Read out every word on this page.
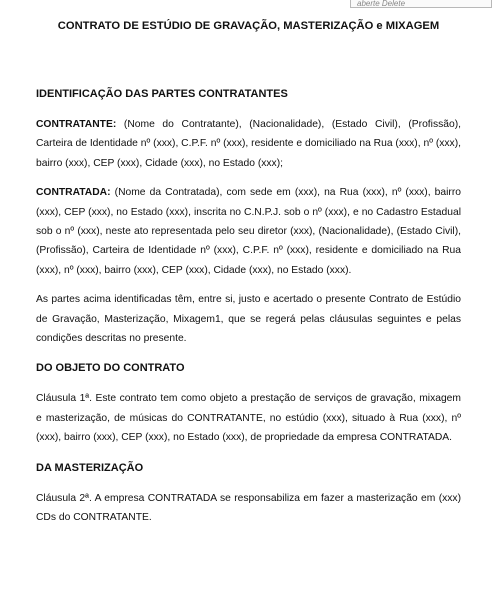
aberte Delete
CONTRATO DE ESTÚDIO DE GRAVAÇÃO, MASTERIZAÇÃO e MIXAGEM
IDENTIFICAÇÃO DAS PARTES CONTRATANTES

CONTRATANTE: (Nome do Contratante), (Nacionalidade), (Estado Civil), (Profissão), Carteira de Identidade nº (xxx), C.P.F. nº (xxx), residente e domiciliado na Rua (xxx), nº (xxx), bairro (xxx), CEP (xxx), Cidade (xxx), no Estado (xxx);

CONTRATADA: (Nome da Contratada), com sede em (xxx), na Rua (xxx), nº (xxx), bairro (xxx), CEP (xxx), no Estado (xxx), inscrita no C.N.P.J. sob o nº (xxx), e no Cadastro Estadual sob o nº (xxx), neste ato representada pelo seu diretor (xxx), (Nacionalidade), (Estado Civil), (Profissão), Carteira de Identidade nº (xxx), C.P.F. nº (xxx), residente e domiciliado na Rua (xxx), nº (xxx), bairro (xxx), CEP (xxx), Cidade (xxx), no Estado (xxx).

As partes acima identificadas têm, entre si, justo e acertado o presente Contrato de Estúdio de Gravação, Masterização, Mixagem1, que se regerá pelas cláusulas seguintes e pelas condições descritas no presente.

DO OBJETO DO CONTRATO

Cláusula 1ª. Este contrato tem como objeto a prestação de serviços de gravação, mixagem e masterização, de músicas do CONTRATANTE, no estúdio (xxx), situado à Rua (xxx), nº (xxx), bairro (xxx), CEP (xxx), no Estado (xxx), de propriedade da empresa CONTRATADA.

DA MASTERIZAÇÃO

Cláusula 2ª. A empresa CONTRATADA se responsabiliza em fazer a masterização em (xxx) CDs do CONTRATANTE.
